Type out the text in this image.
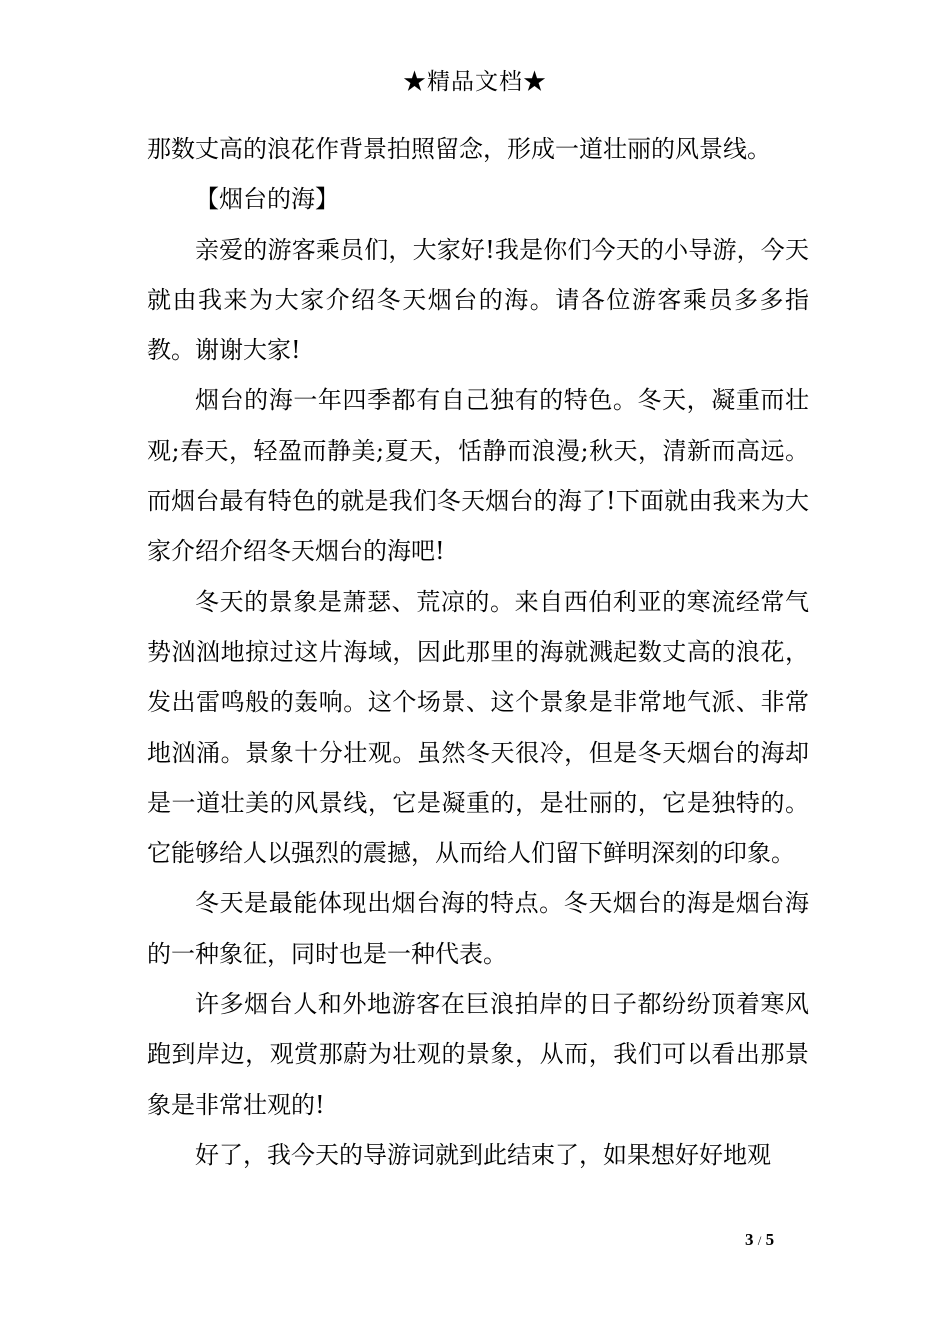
★精品文档★

那数丈高的浪花作背景拍照留念，形成一道壮丽的风景线。

【烟台的海】

亲爱的游客乘员们，大家好!我是你们今天的小导游，今天就由我来为大家介绍冬天烟台的海。请各位游客乘员多多指教。谢谢大家!

烟台的海一年四季都有自己独有的特色。冬天，凝重而壮观;春天，轻盈而静美;夏天，恬静而浪漫;秋天，清新而高远。而烟台最有特色的就是我们冬天烟台的海了!下面就由我来为大家介绍介绍冬天烟台的海吧!

冬天的景象是萧瑟、荒凉的。来自西伯利亚的寒流经常气势汹汹地掠过这片海域，因此那里的海就溅起数丈高的浪花，发出雷鸣般的轰响。这个场景、这个景象是非常地气派、非常地汹涌。景象十分壮观。虽然冬天很冷，但是冬天烟台的海却是一道壮美的风景线，它是凝重的，是壮丽的，它是独特的。它能够给人以强烈的震撼，从而给人们留下鲜明深刻的印象。

冬天是最能体现出烟台海的特点。冬天烟台的海是烟台海的一种象征，同时也是一种代表。

许多烟台人和外地游客在巨浪拍岸的日子都纷纷顶着寒风跑到岸边，观赏那蔚为壮观的景象，从而，我们可以看出那景象是非常壮观的!

好了，我今天的导游词就到此结束了，如果想好好地观

3 / 5
